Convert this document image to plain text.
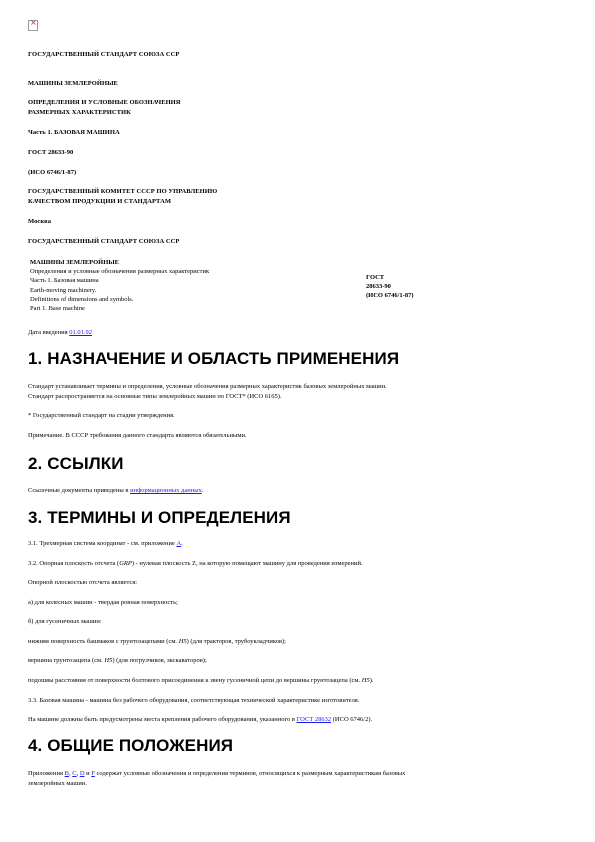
×
ГОСУДАРСТВЕННЫЙ СТАНДАРТ СОЮЗА ССР
МАШИНЫ ЗЕМЛЕРОЙНЫЕ
ОПРЕДЕЛЕНИЯ И УСЛОВНЫЕ ОБОЗНАЧЕНИЯ
РАЗМЕРНЫХ ХАРАКТЕРИСТИК
Часть 1. БАЗОВАЯ МАШИНА
ГОСТ 28633-90
(ИСО 6746/1-87)
ГОСУДАРСТВЕННЫЙ КОМИТЕТ СССР ПО УПРАВЛЕНИЮ
КАЧЕСТВОМ ПРОДУКЦИИ И СТАНДАРТАМ
Москва
ГОСУДАРСТВЕННЫЙ СТАНДАРТ СОЮЗА ССР
МАШИНЫ ЗЕМЛЕРОЙНЫЕ
Определения и условные обозначения размерных характеристик
Часть 1. Базовая машина
Earth-moving machinery.
Definitions of dimensions and symbols.
Part 1. Base machine
ГОСТ
28633-90
(ИСО 6746/1-87)
Дата введения 01.01.92
1. НАЗНАЧЕНИЕ И ОБЛАСТЬ ПРИМЕНЕНИЯ
Стандарт устанавливает термины и определения, условные обозначения размерных характеристик базовых землеройных машин.
Стандарт распространяется на основные типы землеройных машин по ГОСТ* (ИСО 6165).
* Государственный стандарт на стадии утверждения.
Примечание. В СССР требования данного стандарта являются обязательными.
2. ССЫЛКИ
Ссылочные документы приведены в информационных данных.
3. ТЕРМИНЫ И ОПРЕДЕЛЕНИЯ
3.1. Трехмерная система координат - см. приложение А.
3.2. Опорная плоскость отсчета (GRP) - нулевая плоскость Z, на которую помещают машину для проведения измерений.
Опорной плоскостью отсчета является:
а) для колесных машин - твердая ровная поверхность;
б) для гусеничных машин:
нижняя поверхность башмаков с грунтозацепами (см. H5) (для тракторов, трубоукладчиков);
вершина грунтозацепа (см. H5) (для погрузчиков, экскаваторов);
подошвы расстояния от поверхности болтового присоединения к звену гусеничной цепи до вершины грунтозацепа (см. H5).
3.3. Базовая машина - машина без рабочего оборудования, соответствующая технической характеристике изготовителя.
На машине должны быть предусмотрены места крепления рабочего оборудования, указанного в ГОСТ 28632 (ИСО 6746/2).
4. ОБЩИЕ ПОЛОЖЕНИЯ
Приложения В, С, D и F содержат условные обозначения и определения терминов, относящихся к размерным характеристикам базовых
землеройных машин.
